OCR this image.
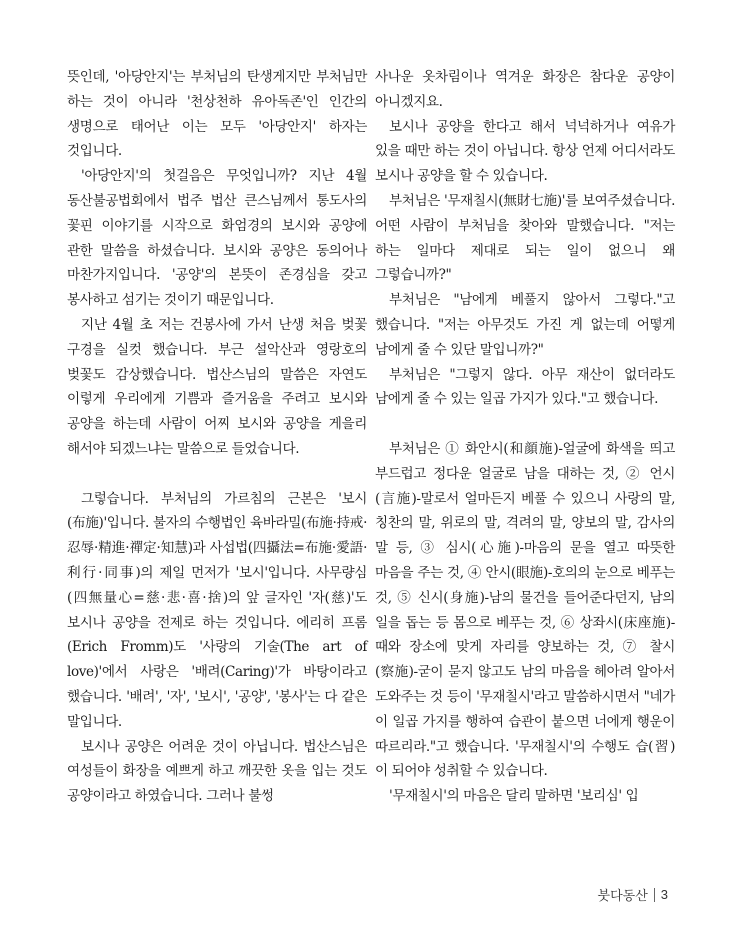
뜻인데, '아당안지'는 부처님의 탄생게지만 부처님만 하는 것이 아니라 '천상천하 유아독존'인 인간의 생명으로 태어난 이는 모두 '아당안지' 하자는 것입니다.

'아당안지'의 첫걸음은 무엇입니까? 지난 4월 동산불공법회에서 법주 법산 큰스님께서 통도사의 꽃핀 이야기를 시작으로 화엄경의 보시와 공양에 관한 말씀을 하셨습니다. 보시와 공양은 동의어나 마찬가지입니다. '공양'의 본뜻이 존경심을 갖고 봉사하고 섬기는 것이기 때문입니다.

지난 4월 초 저는 건봉사에 가서 난생 처음 벚꽃 구경을 실컷 했습니다. 부근 설악산과 영랑호의 벚꽃도 감상했습니다. 법산스님의 말씀은 자연도 이렇게 우리에게 기쁨과 즐거움을 주려고 보시와 공양을 하는데 사람이 어찌 보시와 공양을 게을리 해서야 되겠느냐는 말씀으로 들었습니다.

그렇습니다. 부처님의 가르침의 근본은 '보시(布施)'입니다. 불자의 수행법인 육바라밀(布施·持戒·忍辱·精進·禪定·知慧)과 사섭법(四攝法=布施·愛語·利行·同事)의 제일 먼저가 '보시'입니다. 사무량심(四無量心=慈·悲·喜·捨)의 앞 글자인 '자(慈)'도 보시나 공양을 전제로 하는 것입니다. 에리히 프롬(Erich Fromm)도 '사랑의 기술(The art of love)'에서 사랑은 '배려(Caring)'가 바탕이라고 했습니다. '배려', '자', '보시', '공양', '봉사'는 다 같은 말입니다.

보시나 공양은 어려운 것이 아닙니다. 법산스님은 여성들이 화장을 예쁘게 하고 깨끗한 옷을 입는 것도 공양이라고 하였습니다. 그러나 불썽

사나운 옷차림이나 역겨운 화장은 참다운 공양이 아니겠지요.

보시나 공양을 한다고 해서 넉넉하거나 여유가 있을 때만 하는 것이 아닙니다. 항상 언제 어디서라도 보시나 공양을 할 수 있습니다.

부처님은 '무재칠시(無財七施)'를 보여주셨습니다. 어떤 사람이 부처님을 찾아와 말했습니다. "저는 하는 일마다 제대로 되는 일이 없으니 왜 그렇습니까?"

부처님은 "남에게 베풀지 않아서 그렇다."고 했습니다. "저는 아무것도 가진 게 없는데 어떻게 남에게 줄 수 있단 말입니까?"

부처님은 "그렇지 않다. 아무 재산이 없더라도 남에게 줄 수 있는 일곱 가지가 있다."고 했습니다.

부처님은 ① 화안시(和顔施)-얼굴에 화색을 띄고 부드럽고 정다운 얼굴로 남을 대하는 것, ② 언시(言施)-말로서 얼마든지 베풀 수 있으니 사랑의 말, 칭찬의 말, 위로의 말, 격려의 말, 양보의 말, 감사의 말 등, ③ 심시(心施)-마음의 문을 열고 따뜻한 마음을 주는 것, ④ 안시(眼施)-호의의 눈으로 베푸는 것, ⑤ 신시(身施)-남의 물건을 들어준다던지, 남의 일을 돕는 등 몸으로 베푸는 것, ⑥ 상좌시(床座施)-때와 장소에 맞게 자리를 양보하는 것, ⑦ 찰시(察施)-굳이 묻지 않고도 남의 마음을 헤아려 알아서 도와주는 것 등이 '무재칠시'라고 말씀하시면서 "네가 이 일곱 가지를 행하여 습관이 붙으면 너에게 행운이 따르리라."고 했습니다. '무재칠시'의 수행도 습(習)이 되어야 성취할 수 있습니다.

'무재칠시'의 마음은 달리 말하면 '보리심' 입

붓다동산 3
